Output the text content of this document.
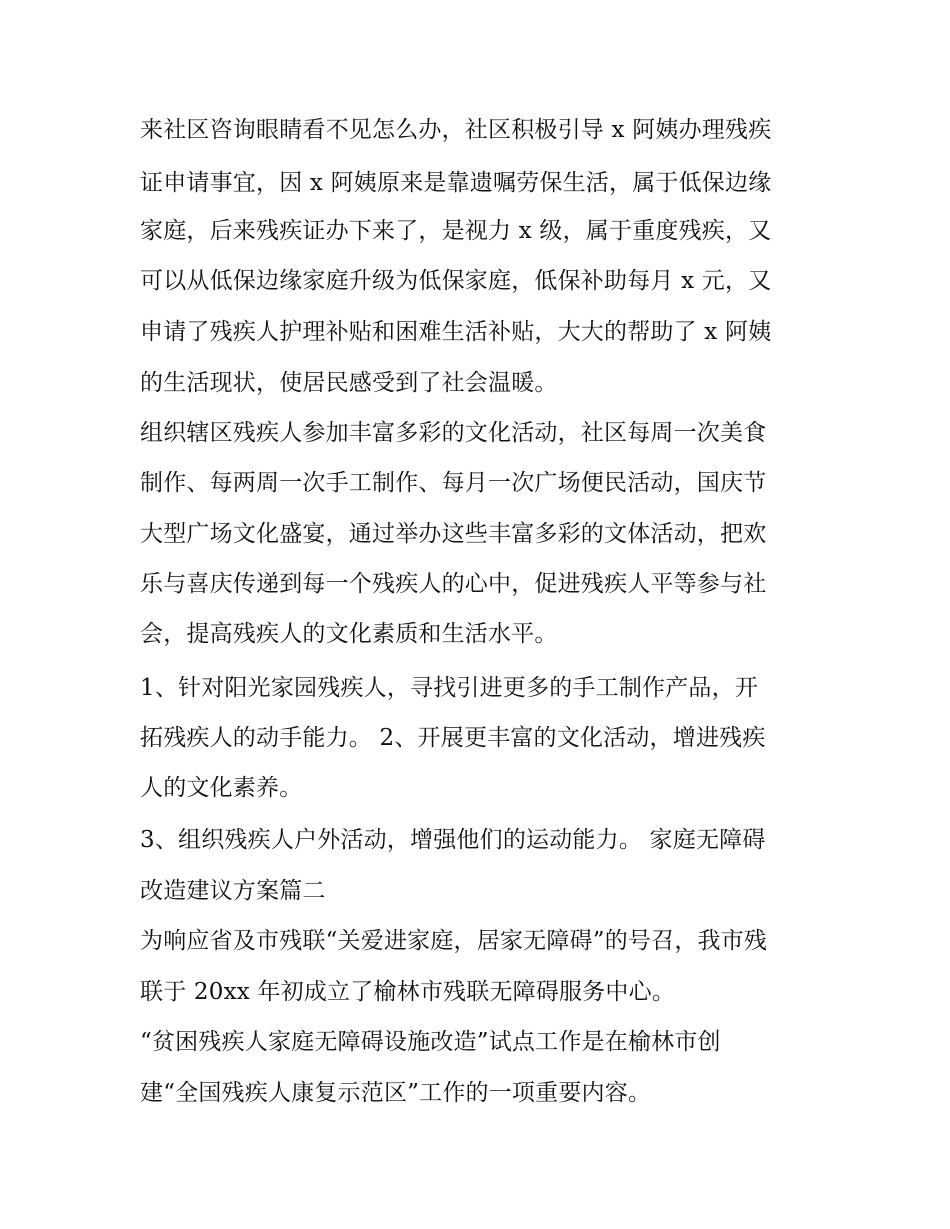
来社区咨询眼睛看不见怎么办，社区积极引导 x 阿姨办理残疾
证申请事宜，因 x 阿姨原来是靠遗嘱劳保生活，属于低保边缘
家庭，后来残疾证办下来了，是视力 x 级，属于重度残疾，又
可以从低保边缘家庭升级为低保家庭，低保补助每月 x 元，又
申请了残疾人护理补贴和困难生活补贴，大大的帮助了 x 阿姨
的生活现状，使居民感受到了社会温暖。
组织辖区残疾人参加丰富多彩的文化活动，社区每周一次美食
制作、每两周一次手工制作、每月一次广场便民活动，国庆节
大型广场文化盛宴，通过举办这些丰富多彩的文体活动，把欢
乐与喜庆传递到每一个残疾人的心中，促进残疾人平等参与社
会，提高残疾人的文化素质和生活水平。
1、针对阳光家园残疾人，寻找引进更多的手工制作产品，开
拓残疾人的动手能力。 2、开展更丰富的文化活动，增进残疾
人的文化素养。
3、组织残疾人户外活动，增强他们的运动能力。 家庭无障碍
改造建议方案篇二
为响应省及市残联“关爱进家庭，居家无障碍”的号召，我市残
联于 20xx 年初成立了榆林市残联无障碍服务中心。
“贫困残疾人家庭无障碍设施改造”试点工作是在榆林市创
建“全国残疾人康复示范区”工作的一项重要内容。
